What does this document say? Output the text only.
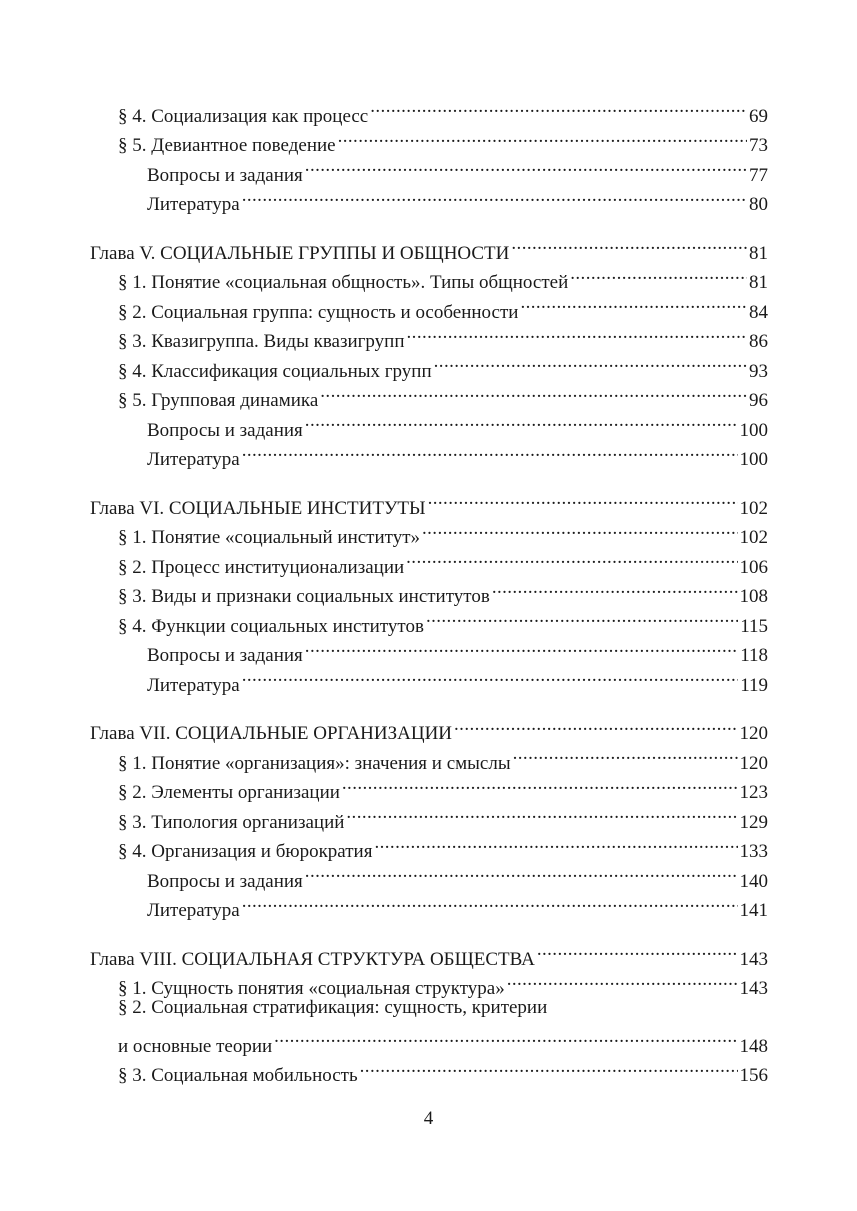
§ 4. Социализация как процесс .....	69
§ 5. Девиантное поведение .....	73
Вопросы и задания .....	77
Литература .....	80
Глава V. СОЦИАЛЬНЫЕ ГРУППЫ И ОБЩНОСТИ .....	81
§ 1. Понятие «социальная общность». Типы общностей .....	81
§ 2. Социальная группа: сущность и особенности .....	84
§ 3. Квазигруппа. Виды квазигрупп .....	86
§ 4. Классификация социальных групп .....	93
§ 5. Групповая динамика .....	96
Вопросы и задания .....	100
Литература .....	100
Глава VI. СОЦИАЛЬНЫЕ ИНСТИТУТЫ .....	102
§ 1. Понятие «социальный институт» .....	102
§ 2. Процесс институционализации .....	106
§ 3. Виды и признаки социальных институтов .....	108
§ 4. Функции социальных институтов .....	115
Вопросы и задания .....	118
Литература .....	119
Глава VII. СОЦИАЛЬНЫЕ ОРГАНИЗАЦИИ .....	120
§ 1. Понятие «организация»: значения и смыслы .....	120
§ 2. Элементы организации .....	123
§ 3. Типология организаций .....	129
§ 4. Организация и бюрократия .....	133
Вопросы и задания .....	140
Литература .....	141
Глава VIII. СОЦИАЛЬНАЯ СТРУКТУРА ОБЩЕСТВА .....	143
§ 1. Сущность понятия «социальная структура» .....	143
§ 2. Социальная стратификация: сущность, критерии
и основные теории .....	148
§ 3. Социальная мобильность .....	156
4
